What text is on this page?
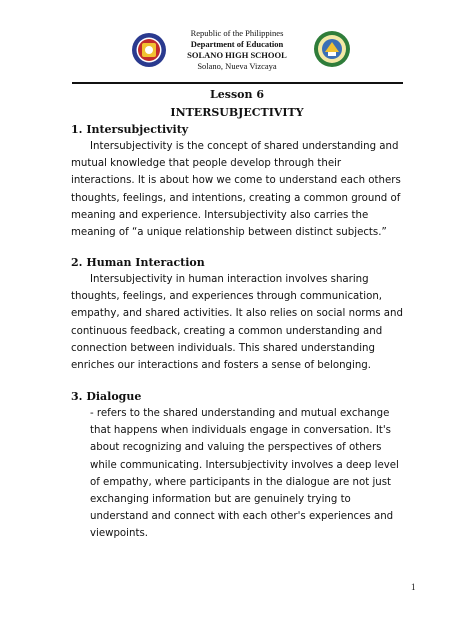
Republic of the Philippines
Department of Education
SOLANO HIGH SCHOOL
Solano, Nueva Vizcaya
Lesson 6
INTERSUBJECTIVITY
1. Intersubjectivity

Intersubjectivity is the concept of shared understanding and mutual knowledge that people develop through their interactions. It is about how we come to understand each others thoughts, feelings, and intentions, creating a common ground of meaning and experience. Intersubjectivity also carries the meaning of “a unique relationship between distinct subjects.”

2. Human Interaction

Intersubjectivity in human interaction involves sharing thoughts, feelings, and experiences through communication, empathy, and shared activities. It also relies on social norms and continuous feedback, creating a common understanding and connection between individuals. This shared understanding enriches our interactions and fosters a sense of belonging.

3. Dialogue

- refers to the shared understanding and mutual exchange that happens when individuals engage in conversation. It's about recognizing and valuing the perspectives of others while communicating. Intersubjectivity involves a deep level of empathy, where participants in the dialogue are not just exchanging information but are genuinely trying to understand and connect with each other's experiences and viewpoints.

1
